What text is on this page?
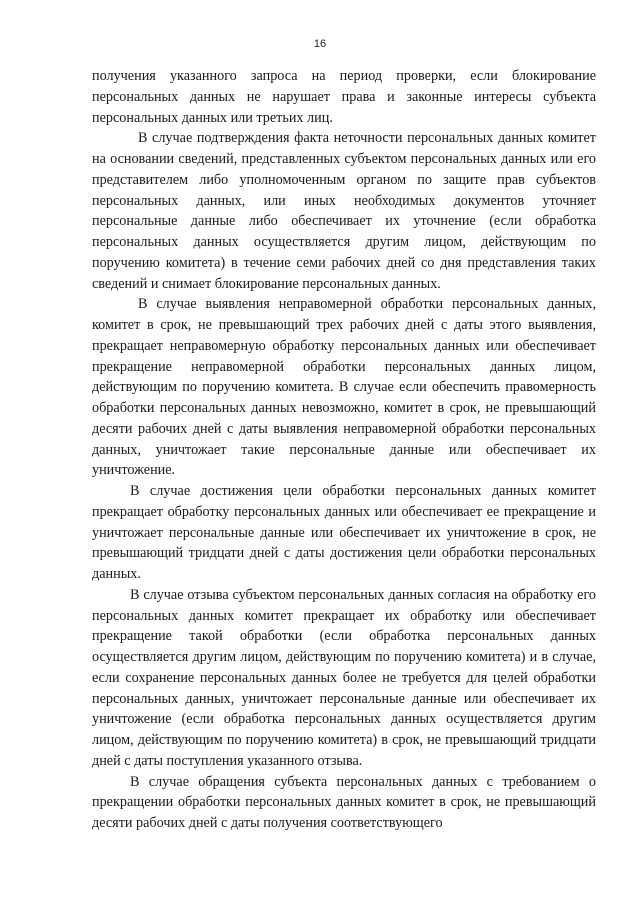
16

получения указанного запроса на период проверки, если блокирование персональных данных не нарушает права и законные интересы субъекта персональных данных или третьих лиц.

В случае подтверждения факта неточности персональных данных комитет на основании сведений, представленных субъектом персональных данных или его представителем либо уполномоченным органом по защите прав субъектов персональных данных, или иных необходимых документов уточняет персональные данные либо обеспечивает их уточнение (если обработка персональных данных осуществляется другим лицом, действующим по поручению комитета) в течение семи рабочих дней со дня представления таких сведений и снимает блокирование персональных данных.

В случае выявления неправомерной обработки персональных данных, комитет в срок, не превышающий трех рабочих дней с даты этого выявления, прекращает неправомерную обработку персональных данных или обеспечивает прекращение неправомерной обработки персональных данных лицом, действующим по поручению комитета. В случае если обеспечить правомерность обработки персональных данных невозможно, комитет в срок, не превышающий десяти рабочих дней с даты выявления неправомерной обработки персональных данных, уничтожает такие персональные данные или обеспечивает их уничтожение.

В случае достижения цели обработки персональных данных комитет прекращает обработку персональных данных или обеспечивает ее прекращение и уничтожает персональные данные или обеспечивает их уничтожение в срок, не превышающий тридцати дней с даты достижения цели обработки персональных данных.

В случае отзыва субъектом персональных данных согласия на обработку его персональных данных комитет прекращает их обработку или обеспечивает прекращение такой обработки (если обработка персональных данных осуществляется другим лицом, действующим по поручению комитета) и в случае, если сохранение персональных данных более не требуется для целей обработки персональных данных, уничтожает персональные данные или обеспечивает их уничтожение (если обработка персональных данных осуществляется другим лицом, действующим по поручению комитета) в срок, не превышающий тридцати дней с даты поступления указанного отзыва.

В случае обращения субъекта персональных данных с требованием о прекращении обработки персональных данных комитет в срок, не превышающий десяти рабочих дней с даты получения соответствующего
